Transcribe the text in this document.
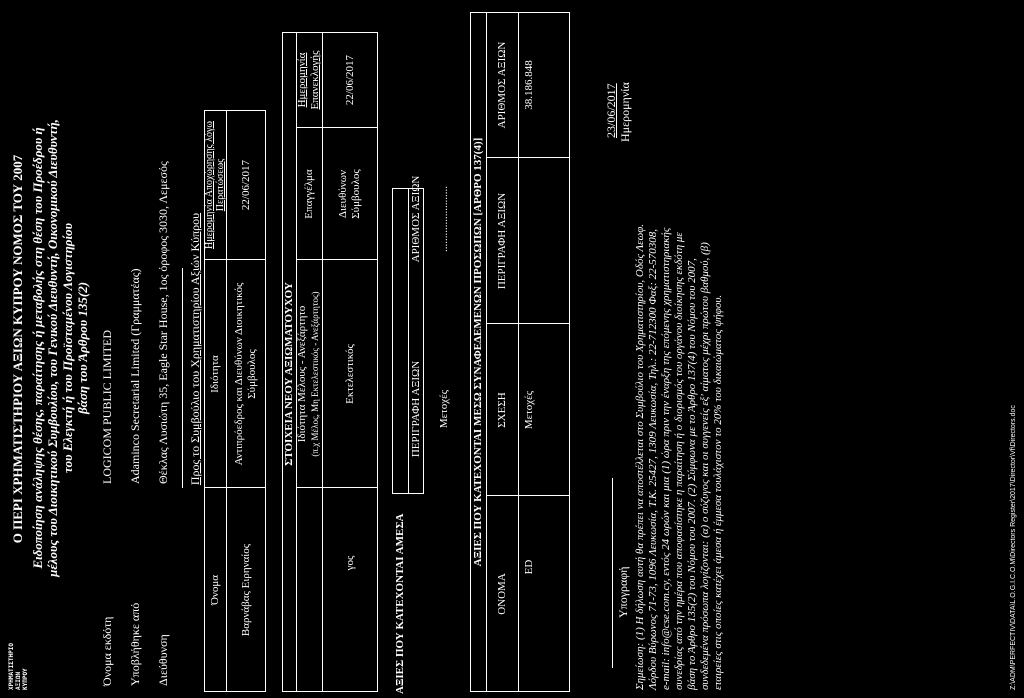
ΧΡΗΜΑΤΙΣΤΗΡΙΟ ΑΞΙΩΝ ΚΥΠΡΟΥ
Ο ΠΕΡΙ ΧΡΗΜΑΤΙΣΤΗΡΙΟΥ ΑΞΙΩΝ ΚΥΠΡΟΥ ΝΟΜΟΣ ΤΟΥ 2007 Ειδοποίηση ανάληψης θέσης, παραίτησης ή μεταβολής στη θέση του Προέδρου ή μέλους του Διοικητικού Συμβουλίου, του Γενικού Διευθυντή, Οικονομικού Διευθυντή, του Ελεγκτή ή του Προϊσταμένου Λογιστηρίου βάση του Άρθρου 135(2)
Όνομα εκδότη
LOGICOM PUBLIC LIMITED
Υποβλήθηκε από
Adaminco Secretarial Limited (Γραμματέας)
Διεύθυνση
Θέκλας Λυσιώτη 35, Eagle Star House, 1ος όροφος 3030, Λεμεσός Προς το Συμβούλιο του Χρηματιστηρίου Αξιών Κύπρου
Όνομα
Ιδιότητα
Ημερομηνία Αποχώρησης λόγω Περατώσεως
Βαρνάβας Ειρηναίος
Αντιπρόεδρος και Διευθύνων Διοικητικός Σύμβουλος
22/06/2017
ΣΤΟΙΧΕΙΑ ΝΕΟΥ ΑΞΙΩΜΑΤΟΥΧΟΥ Ιδιότητα Μέλους - Ανεξάρτητο (π.χ Μέλος, Μη Εκτελεστικός - Ανεξάρτητος)
Επαγγέλμα
Ημερομηνία Επανεκλογής
γος
Εκτελεστικός
Διευθύνων Σύμβουλος
22/06/2017
ΑΞΙΕΣ ΠΟΥ ΚΑΤΕΧΟΝΤΑΙ ΑΜΕΣΑ
ΠΕΡΙΓΡΑΦΗ ΑΞΙΩΝ
ΑΡΙΘΜΟΣ ΑΞΙΩΝ
Μετοχές
........................ ΑΞΙΕΣ ΠΟΥ ΚΑΤΕΧΟΝΤΑΙ ΜΕΣΩ ΣΥΝΑΦΕΔΕΜΕΝΩΝ ΠΡΟΣΩΠΩΝ [ΑΡΘΡΟ 137(4)]
ΟΝΟΜΑ
ΣΧΕΣΗ
ΠΕΡΙΓΡΑΦΗ ΑΞΙΩΝ
ΑΡΙΘΜΟΣ ΑΞΙΩΝ
ED
Μετοχές
38.186.848
Υπογραφή
23/06/2017 Ημερομηνία
Σημείωση: (1) Η δήλωση αυτή θα πρέπει να αποστέλλεται στο Συμβούλιο του Χρηματιστηρίου, Οδός Λεωφ. Λόρδου Βύρωνος 71-73, 1096 Λευκωσία, Τ.Κ. 25427, 1309 Λευκωσία, Τηλ.: 22-712300 Φαξ: 22-570308, e-mail: info@cse.com.cy, εντός 24 ωρών και μια (1) ώρα πριν την έναρξη της επόμενης χρηματιστηριακής συνεδρίας από την ημέρα που αποφασίστηκε η παραίτηση ή ο διορισμός του οργάνου διοίκησης εκδότη με βάση το Άρθρο 135(2) του Νόμου του 2007. (2) Σύμφωνα με το Άρθρο 137(4) του Νόμου του 2007, συνδεδεμένα πρόσωπα λογίζονται: (α) ο σύζυγος και οι συγγενείς εξ' αίματος μέχρι πρώτου βαθμού, (β) εταιρείες στις οποίες κατέχει άμεσα ή έμμεσα τουλάχιστον το 20% του δικαιώματος ψήφου.	Z:\ADM\PERFECTIV\DATA\L.O.G.I.C.O.M\Directors Register\2017\Director\Vf\Directors.doc
